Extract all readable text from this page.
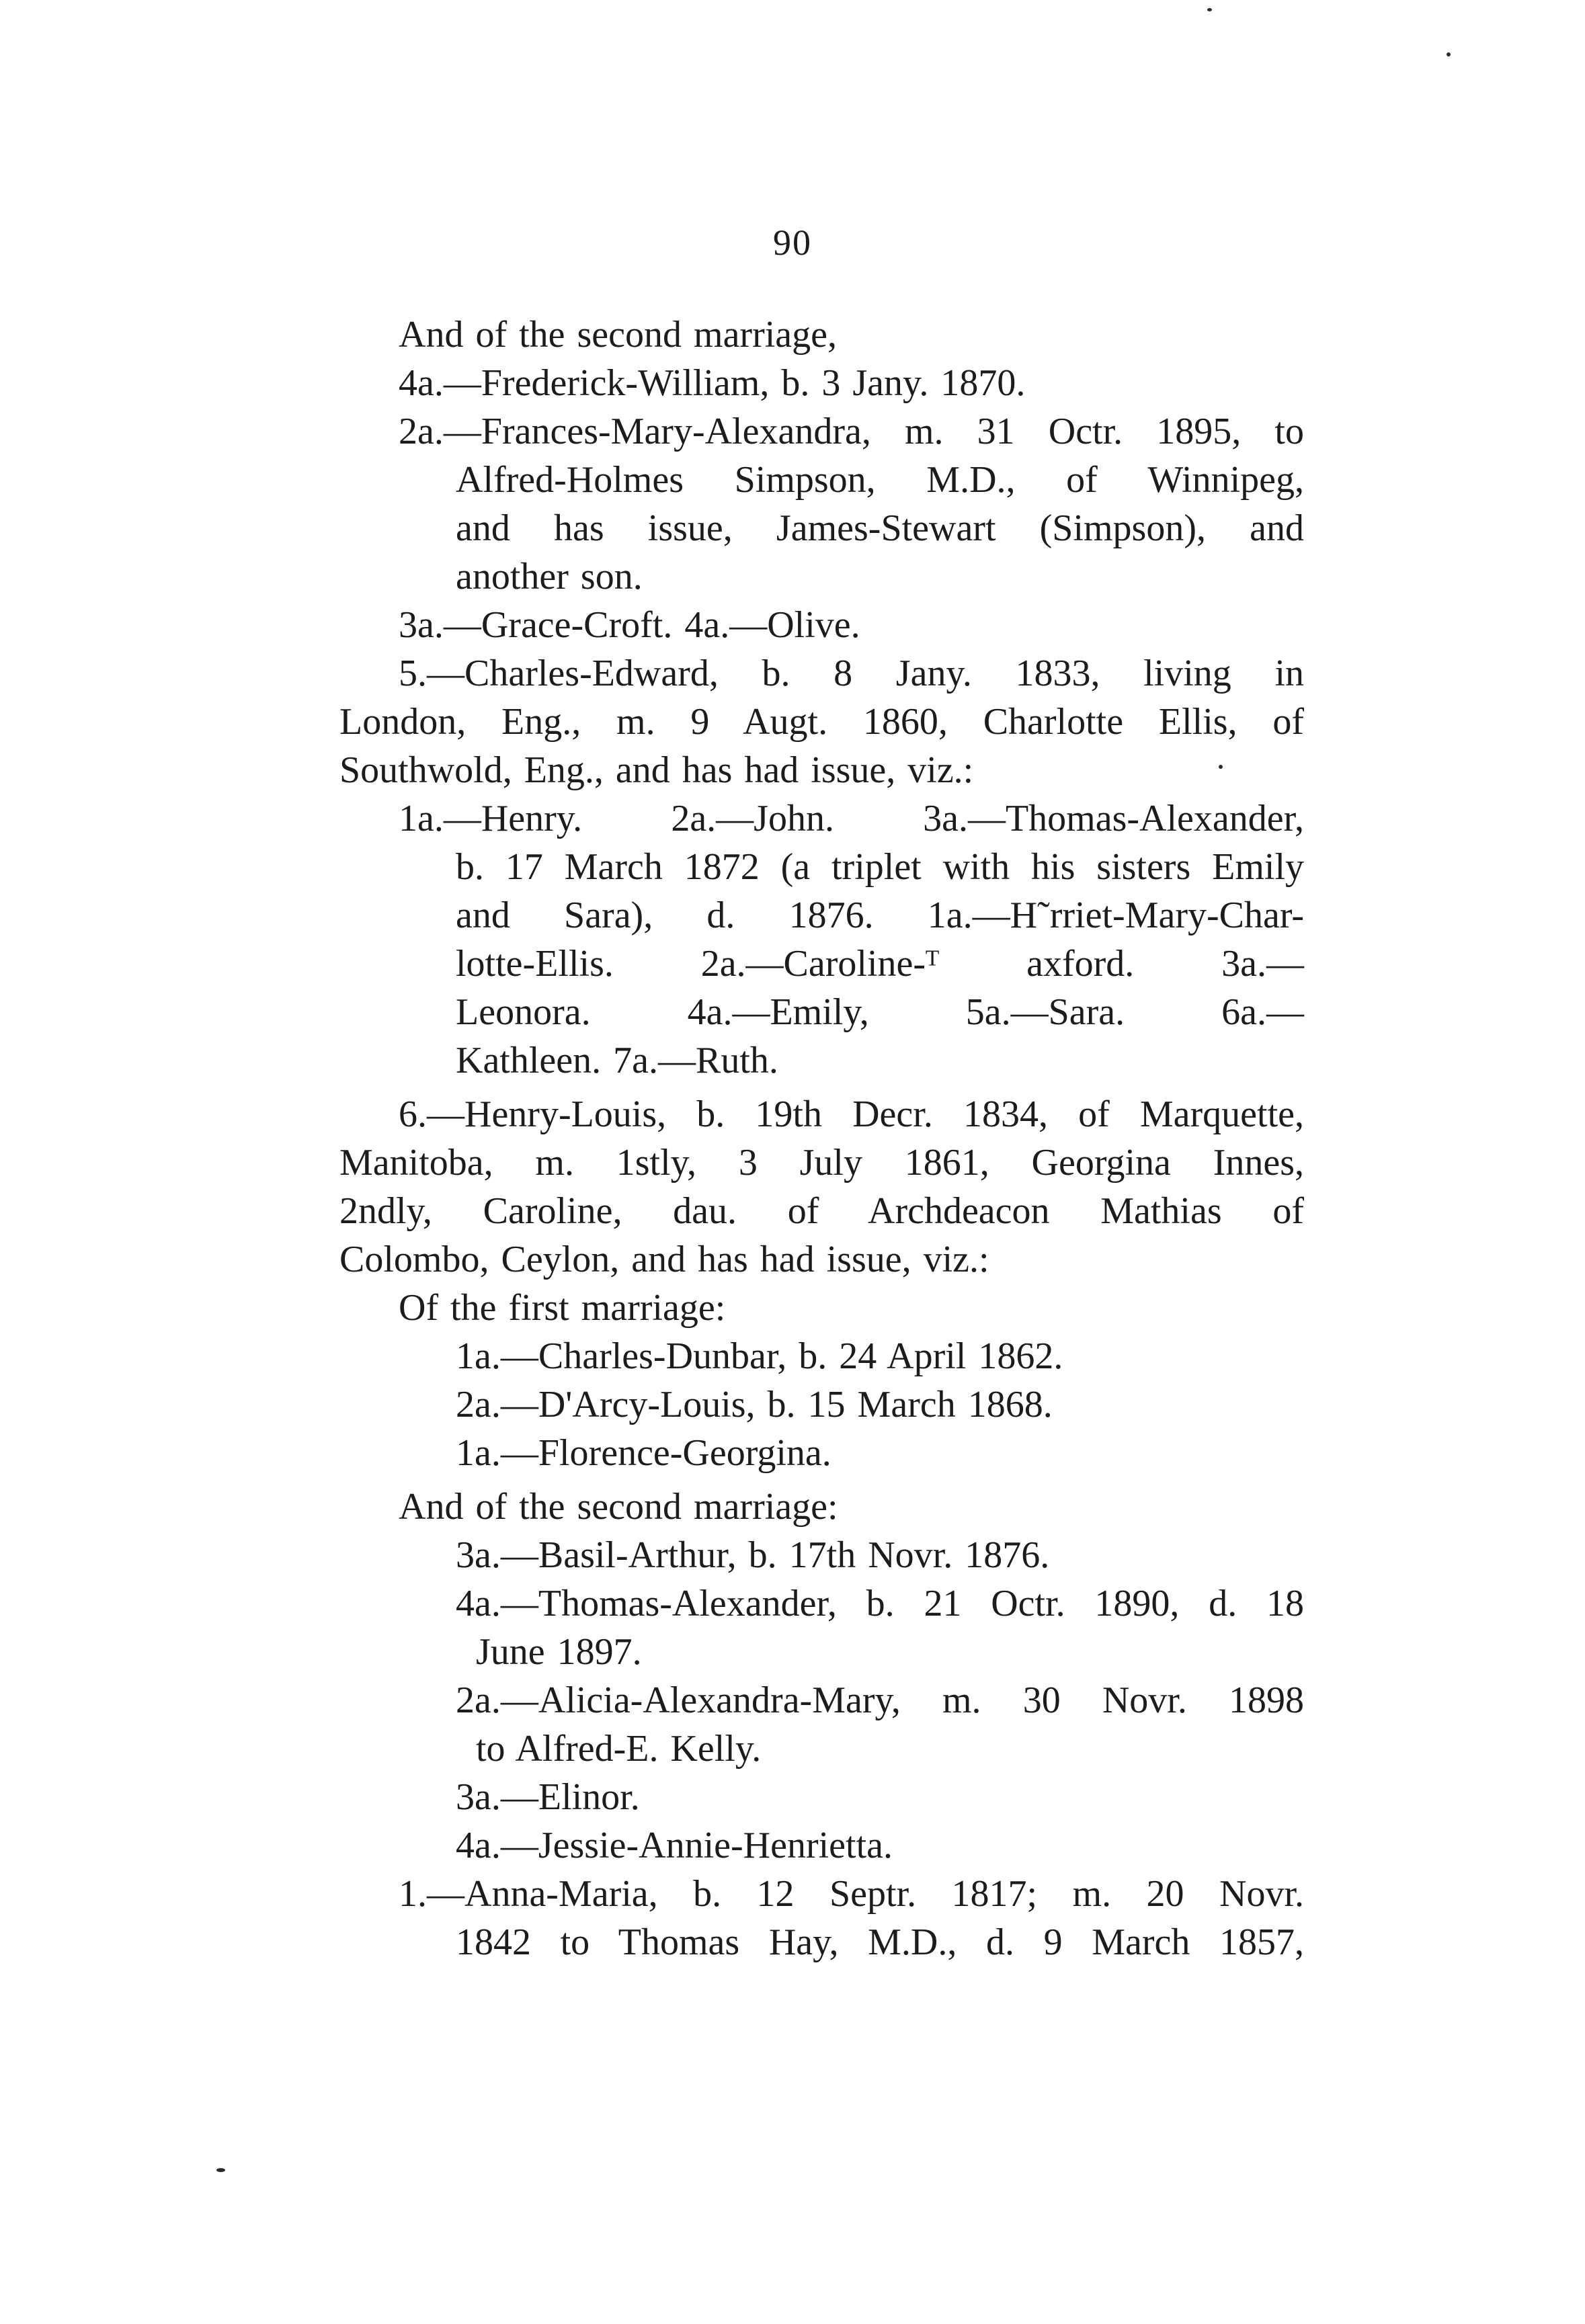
90
And of the second marriage,
4a.—Frederick-William, b. 3 Jany. 1870.
2a.—Frances-Mary-Alexandra, m. 31 Octr. 1895, to
Alfred-Holmes Simpson, M.D., of Winnipeg,
and has issue, James-Stewart (Simpson), and
another son.
3a.—Grace-Croft. 4a.—Olive.
5.—Charles-Edward, b. 8 Jany. 1833, living in
London, Eng., m. 9 Augt. 1860, Charlotte Ellis, of
Southwold, Eng., and has had issue, viz.:
1a.—Henry. 2a.—John. 3a.—Thomas-Alexander,
b. 17 March 1872 (a triplet with his sisters Emily
and Sara), d. 1876. 1a.—H˜rriet-Mary-Char-
lotte-Ellis. 2a.—Caroline-ᵀ axford. 3a.—
Leonora. 4a.—Emily, 5a.—Sara. 6a.—
Kathleen. 7a.—Ruth.
6.—Henry-Louis, b. 19th Decr. 1834, of Marquette,
Manitoba, m. 1stly, 3 July 1861, Georgina Innes,
2ndly, Caroline, dau. of Archdeacon Mathias of
Colombo, Ceylon, and has had issue, viz.:
Of the first marriage:
1a.—Charles-Dunbar, b. 24 April 1862.
2a.—D'Arcy-Louis, b. 15 March 1868.
1a.—Florence-Georgina.
And of the second marriage:
3a.—Basil-Arthur, b. 17th Novr. 1876.
4a.—Thomas-Alexander, b. 21 Octr. 1890, d. 18
June 1897.
2a.—Alicia-Alexandra-Mary, m. 30 Novr. 1898
to Alfred-E. Kelly.
3a.—Elinor.
4a.—Jessie-Annie-Henrietta.
1.—Anna-Maria, b. 12 Septr. 1817; m. 20 Novr.
1842 to Thomas Hay, M.D., d. 9 March 1857,
